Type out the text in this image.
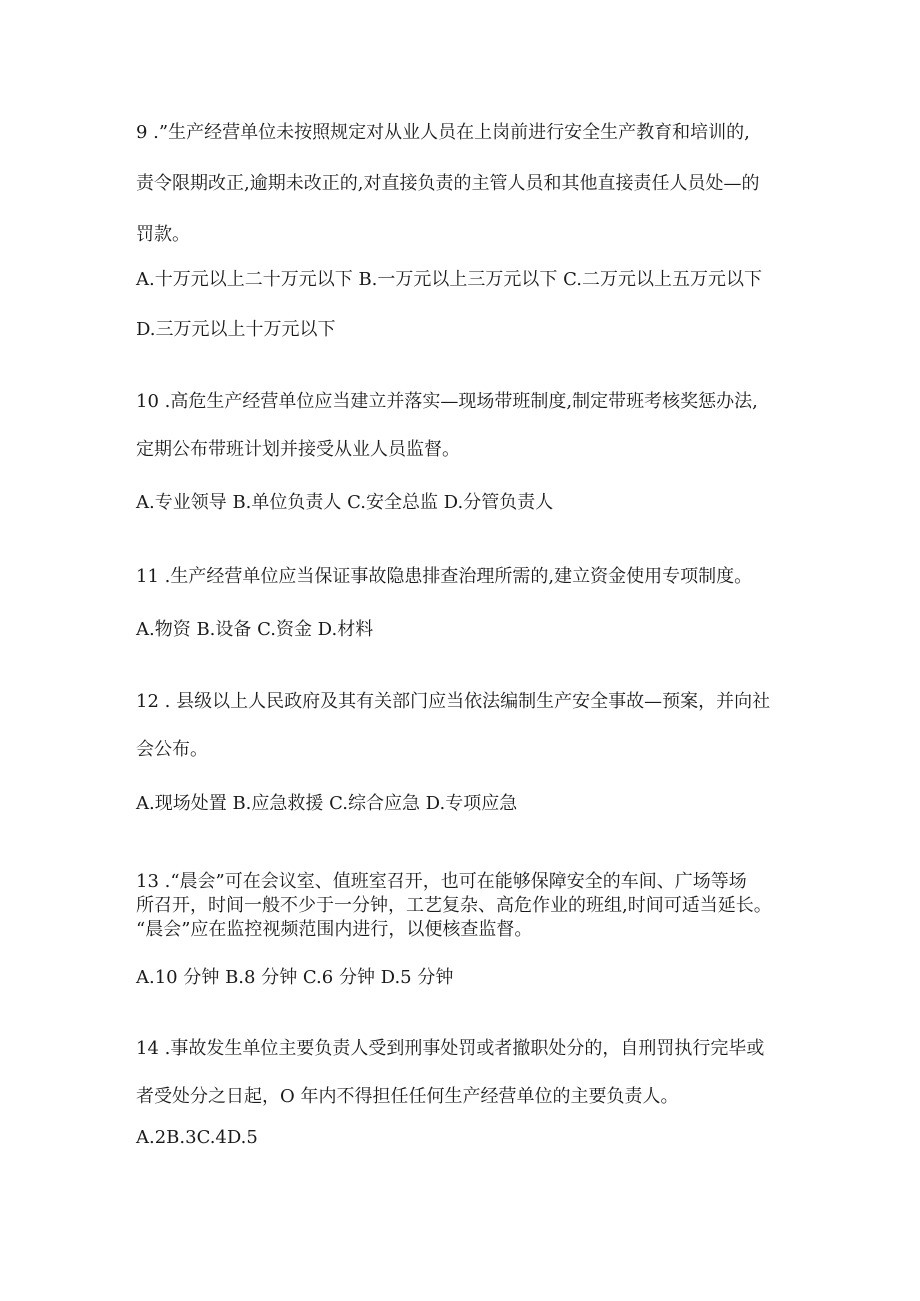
9 .”生产经营单位未按照规定对从业人员在上岗前进行安全生产教育和培训的,

责令限期改正,逾期未改正的,对直接负责的主管人员和其他直接责任人员处—的

罚款。

A.十万元以上二十万元以下 B.一万元以上三万元以下 C.二万元以上五万元以下

D.三万元以上十万元以下

10 .高危生产经营单位应当建立并落实—现场带班制度,制定带班考核奖惩办法,

定期公布带班计划并接受从业人员监督。

A.专业领导 B.单位负责人 C.安全总监 D.分管负责人

11 .生产经营单位应当保证事故隐患排查治理所需的,建立资金使用专项制度。

A.物资 B.设备 C.资金 D.材料

12 . 县级以上人民政府及其有关部门应当依法编制生产安全事故—预案，并向社

会公布。

A.现场处置 B.应急救援 C.综合应急 D.专项应急

13 .“晨会”可在会议室、值班室召开，也可在能够保障安全的车间、广场等场

所召开，时间一般不少于一分钟，工艺复杂、高危作业的班组,时间可适当延长。

“晨会”应在监控视频范围内进行，以便核查监督。

A.10 分钟 B.8 分钟 C.6 分钟 D.5 分钟

14 .事故发生单位主要负责人受到刑事处罚或者撤职处分的，自刑罚执行完毕或

者受处分之日起，O 年内不得担任任何生产经营单位的主要负责人。

A.2B.3C.4D.5
